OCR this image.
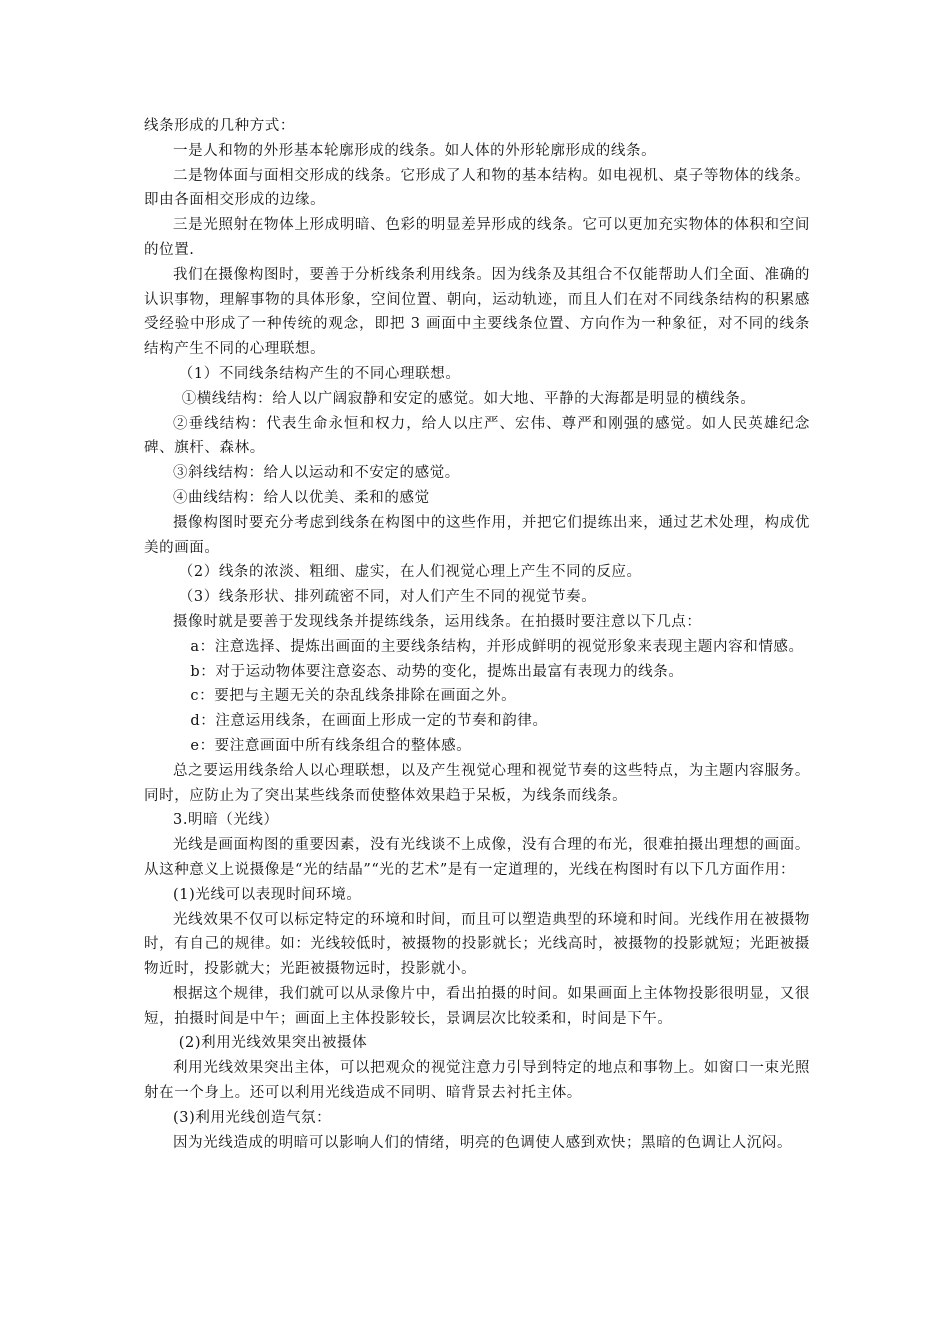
线条形成的几种方式：

一是人和物的外形基本轮廓形成的线条。如人体的外形轮廓形成的线条。

二是物体面与面相交形成的线条。它形成了人和物的基本结构。如电视机、桌子等物体的线条。即由各面相交形成的边缘。

三是光照射在物体上形成明暗、色彩的明显差异形成的线条。它可以更加充实物体的体积和空间的位置.

我们在摄像构图时，要善于分析线条利用线条。因为线条及其组合不仅能帮助人们全面、准确的认识事物，理解事物的具体形象，空间位置、朝向，运动轨迹，而且人们在对不同线条结构的积累感受经验中形成了一种传统的观念，即把 3 画面中主要线条位置、方向作为一种象征，对不同的线条结构产生不同的心理联想。

（1）不同线条结构产生的不同心理联想。

①横线结构：给人以广阔寂静和安定的感觉。如大地、平静的大海都是明显的横线条。

②垂线结构：代表生命永恒和权力，给人以庄严、宏伟、尊严和刚强的感觉。如人民英雄纪念碑、旗杆、森林。

③斜线结构：给人以运动和不安定的感觉。

④曲线结构：给人以优美、柔和的感觉

摄像构图时要充分考虑到线条在构图中的这些作用，并把它们提练出来，通过艺术处理，构成优美的画面。

（2）线条的浓淡、粗细、虚实，在人们视觉心理上产生不同的反应。

（3）线条形状、排列疏密不同，对人们产生不同的视觉节奏。

摄像时就是要善于发现线条并提练线条，运用线条。在拍摄时要注意以下几点：

a：注意选择、提炼出画面的主要线条结构，并形成鲜明的视觉形象来表现主题内容和情感。

b：对于运动物体要注意姿态、动势的变化，提炼出最富有表现力的线条。

c：要把与主题无关的杂乱线条排除在画面之外。

d：注意运用线条，在画面上形成一定的节奏和韵律。

e：要注意画面中所有线条组合的整体感。

总之要运用线条给人以心理联想，以及产生视觉心理和视觉节奏的这些特点，为主题内容服务。同时，应防止为了突出某些线条而使整体效果趋于呆板，为线条而线条。

3.明暗（光线）

光线是画面构图的重要因素，没有光线谈不上成像，没有合理的布光，很难拍摄出理想的画面。从这种意义上说摄像是“光的结晶”“光的艺术”是有一定道理的，光线在构图时有以下几方面作用：

(1)光线可以表现时间环境。

光线效果不仅可以标定特定的环境和时间，而且可以塑造典型的环境和时间。光线作用在被摄物时，有自己的规律。如：光线较低时，被摄物的投影就长；光线高时，被摄物的投影就短；光距被摄物近时，投影就大；光距被摄物远时，投影就小。

根据这个规律，我们就可以从录像片中，看出拍摄的时间。如果画面上主体物投影很明显，又很短，拍摄时间是中午；画面上主体投影较长，景调层次比较柔和，时间是下午。

(2)利用光线效果突出被摄体

利用光线效果突出主体，可以把观众的视觉注意力引导到特定的地点和事物上。如窗口一束光照射在一个身上。还可以利用光线造成不同明、暗背景去衬托主体。

(3)利用光线创造气氛：

因为光线造成的明暗可以影响人们的情绪，明亮的色调使人感到欢快；黑暗的色调让人沉闷。
